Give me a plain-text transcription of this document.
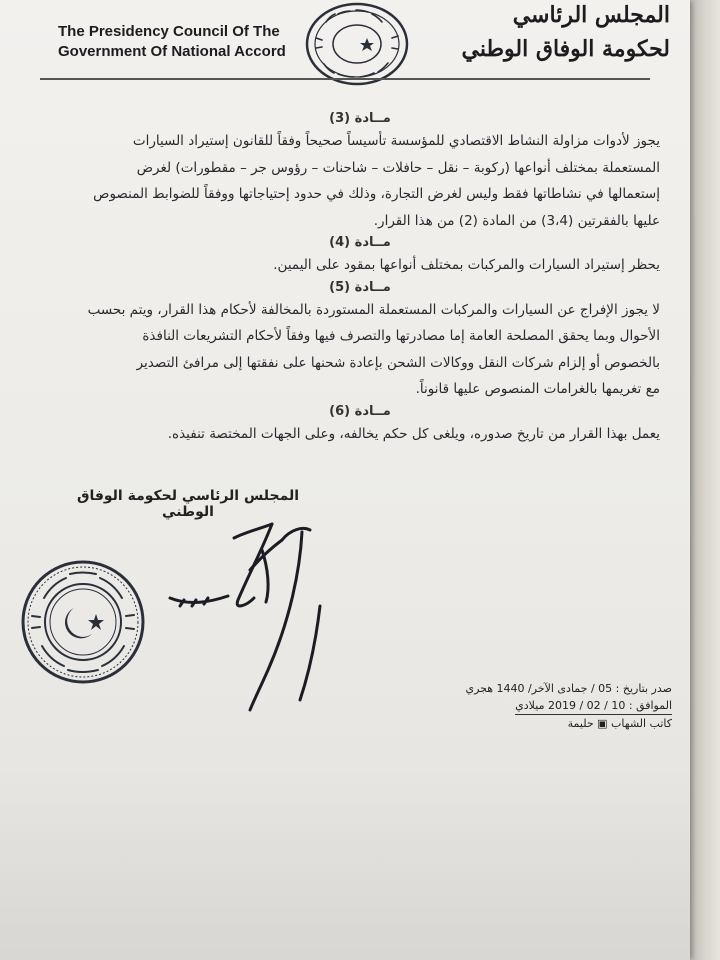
The Presidency Council Of The
Government Of National Accord
المجلس الرئاسي
لحكومة الوفاق الوطني
مــادة (3)

يجوز لأدوات مزاولة النشاط الاقتصادي للمؤسسة تأسيساً صحيحاً وفقاً للقانون إستيراد السيارات

المستعملة بمختلف أنواعها (ركوبة – نقل – حافلات – شاحنات – رؤوس جر – مقطورات) لغرض

إستعمالها في نشاطاتها فقط وليس لغرض التجارة، وذلك في حدود إحتياجاتها ووفقاً للضوابط المنصوص

عليها بالفقرتين (3،4) من المادة (2) من هذا القرار.

مــادة (4)

يحظر إستيراد السيارات والمركبات بمختلف أنواعها بمقود على اليمين.

مــادة (5)

لا يجوز الإفراج عن السيارات والمركبات المستعملة المستوردة بالمخالفة لأحكام هذا القرار، ويتم بحسب

الأحوال وبما يحقق المصلحة العامة إما مصادرتها والتصرف فيها وفقاً لأحكام التشريعات النافذة

بالخصوص أو إلزام شركات النقل ووكالات الشحن بإعادة شحنها على نفقتها إلى مرافئ التصدير

مع تغريمها بالغرامات المنصوص عليها قانوناً.

مــادة (6)

يعمل بهذا القرار من تاريخ صدوره، ويلغى كل حكم يخالفه، وعلى الجهات المختصة تنفيذه.

المجلس الرئاسي لحكومة الوفاق الوطني
صدر بتاريخ : 05 / جمادى الآخر/ 1440 هجري
الموافق : 10 / 02 / 2019 ميلادي
كاتب الشهاب ▣ حليمة
